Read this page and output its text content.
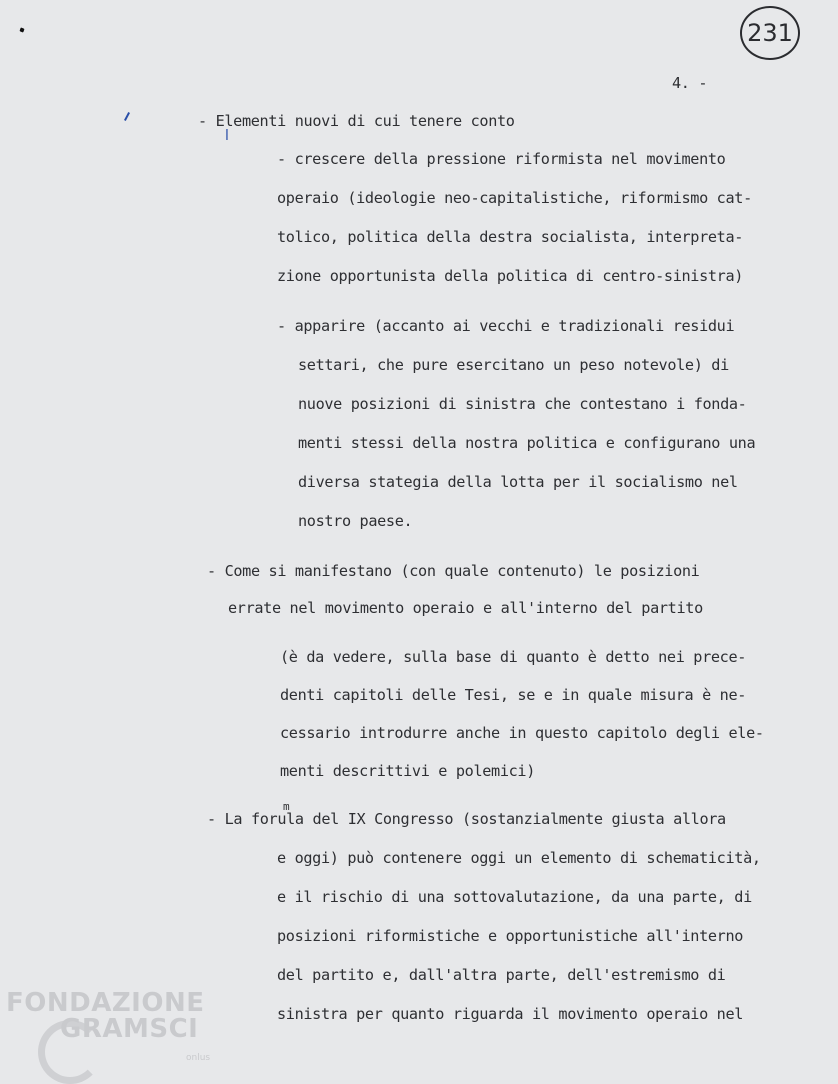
231
4. -
- Elementi nuovi di cui tenere conto
l
- crescere della pressione riformista nel movimento
operaio (ideologie neo-capitalistiche, riformismo cat-
tolico, politica della destra socialista, interpreta-
zione opportunista della politica di centro-sinistra)
- apparire (accanto ai vecchi e tradizionali residui
settari, che pure esercitano un peso notevole) di
nuove posizioni di sinistra che contestano i fonda-
menti stessi della nostra politica e configurano una
diversa stategia della lotta per il socialismo nel
nostro paese.
- Come si manifestano (con quale contenuto) le posizioni
errate nel movimento operaio e all'interno del partito
(è da vedere, sulla base di quanto è detto nei prece-
denti capitoli delle Tesi, se e in quale misura è ne-
cessario introdurre anche in questo capitolo degli ele-
menti descrittivi e polemici)
m
- La forula del IX Congresso (sostanzialmente giusta allora
e oggi) può contenere oggi un elemento di schematicità,
e il rischio di una sottovalutazione, da una parte, di
posizioni riformistiche e opportunistiche all'interno
del partito e, dall'altra parte, dell'estremismo di
sinistra per quanto riguarda il movimento operaio nel
FONDAZIONE
GRAMSCI
onlus
